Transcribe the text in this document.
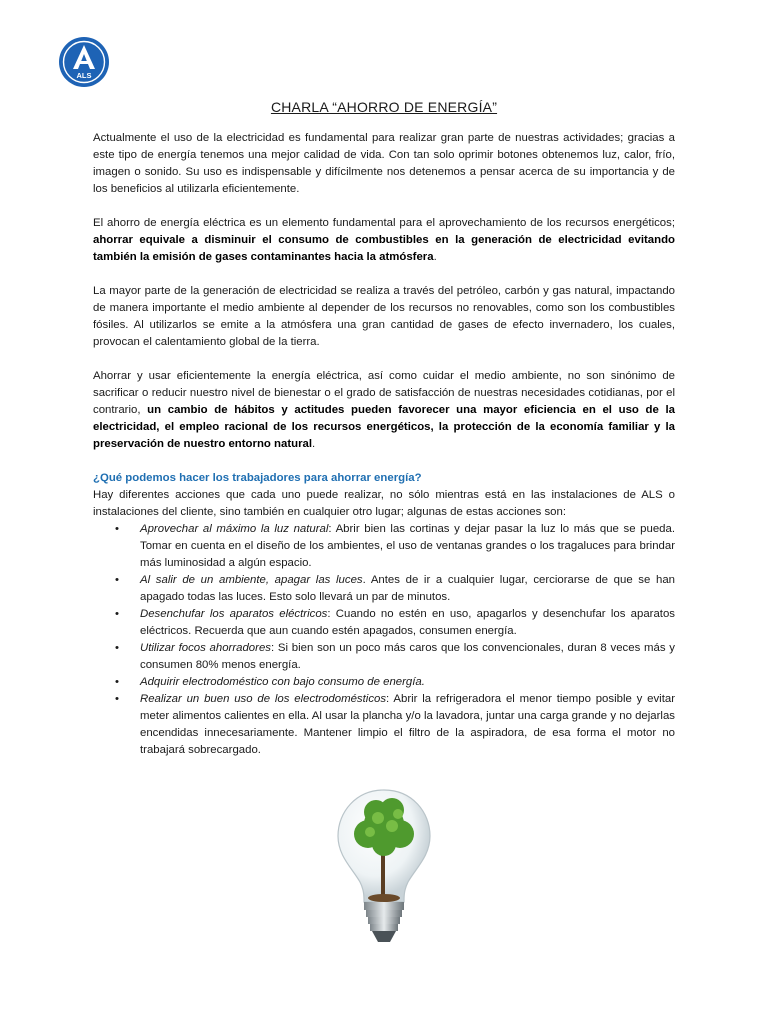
ALS
CHARLA “AHORRO DE ENERGÍA”

Actualmente el uso de la electricidad es fundamental para realizar gran parte de nuestras actividades; gracias a este tipo de energía tenemos una mejor calidad de vida. Con tan solo oprimir botones obtenemos luz, calor, frío, imagen o sonido. Su uso es indispensable y difícilmente nos detenemos a pensar acerca de su importancia y de los beneficios al utilizarla eficientemente.

El ahorro de energía eléctrica es un elemento fundamental para el aprovechamiento de los recursos energéticos; ahorrar equivale a disminuir el consumo de combustibles en la generación de electricidad evitando también la emisión de gases contaminantes hacia la atmósfera.

La mayor parte de la generación de electricidad se realiza a través del petróleo, carbón y gas natural, impactando de manera importante el medio ambiente al depender de los recursos no renovables, como son los combustibles fósiles. Al utilizarlos se emite a la atmósfera una gran cantidad de gases de efecto invernadero, los cuales, provocan el calentamiento global de la tierra.

Ahorrar y usar eficientemente la energía eléctrica, así como cuidar el medio ambiente, no son sinónimo de sacrificar o reducir nuestro nivel de bienestar o el grado de satisfacción de nuestras necesidades cotidianas, por el contrario, un cambio de hábitos y actitudes pueden favorecer una mayor eficiencia en el uso de la electricidad, el empleo racional de los recursos energéticos, la protección de la economía familiar y la preservación de nuestro entorno natural.

¿Qué podemos hacer los trabajadores para ahorrar energía?
Hay diferentes acciones que cada uno puede realizar, no sólo mientras está en las instalaciones de ALS o instalaciones del cliente, sino también en cualquier otro lugar; algunas de estas acciones son:
• Aprovechar al máximo la luz natural: Abrir bien las cortinas y dejar pasar la luz lo más que se pueda. Tomar en cuenta en el diseño de los ambientes, el uso de ventanas grandes o los tragaluces para brindar más luminosidad a algún espacio.
• Al salir de un ambiente, apagar las luces. Antes de ir a cualquier lugar, cerciorarse de que se han apagado todas las luces. Esto solo llevará un par de minutos.
• Desenchufar los aparatos eléctricos: Cuando no estén en uso, apagarlos y desenchufar los aparatos eléctricos. Recuerda que aun cuando estén apagados, consumen energía.
• Utilizar focos ahorradores: Si bien son un poco más caros que los convencionales, duran 8 veces más y consumen 80% menos energía.
• Adquirir electrodoméstico con bajo consumo de energía.
• Realizar un buen uso de los electrodomésticos: Abrir la refrigeradora el menor tiempo posible y evitar meter alimentos calientes en ella. Al usar la plancha y/o la lavadora, juntar una carga grande y no dejarlas encendidas innecesariamente. Mantener limpio el filtro de la aspiradora, de esa forma el motor no trabajará sobrecargado.
